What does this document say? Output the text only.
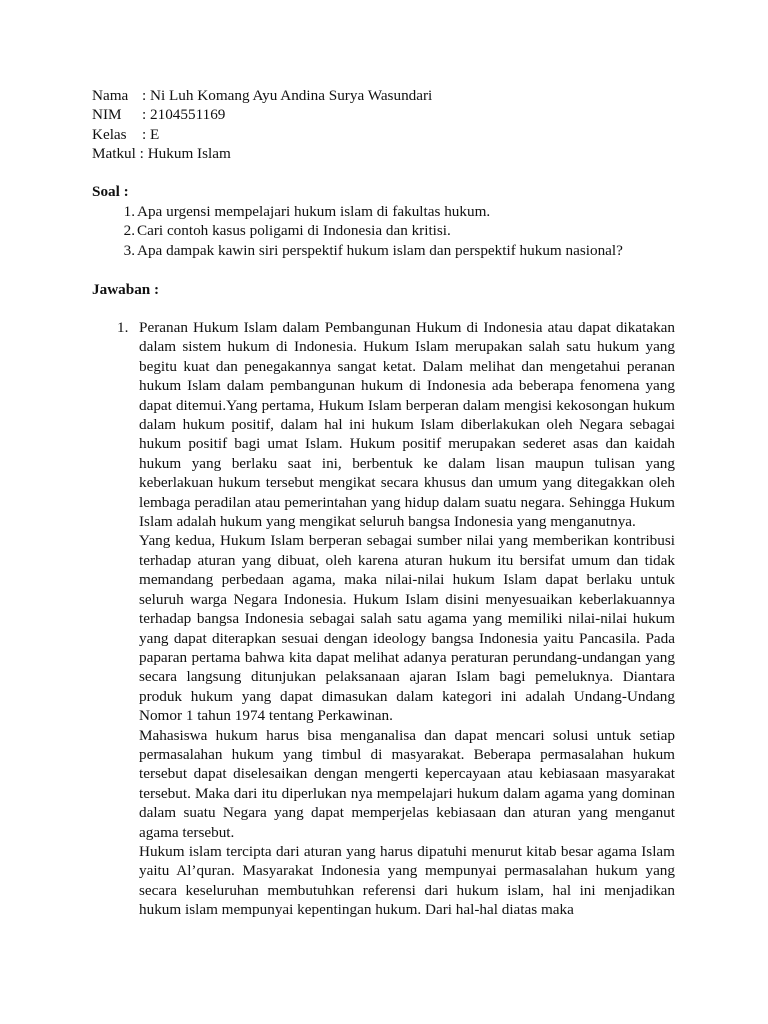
Nama : Ni Luh Komang Ayu Andina Surya Wasundari
NIM	: 2104551169
Kelas	: E
Matkul : Hukum Islam
Soal :
1. Apa urgensi mempelajari hukum islam di fakultas hukum.
2. Cari contoh kasus poligami di Indonesia dan kritisi.
3. Apa dampak kawin siri perspektif hukum islam dan perspektif hukum nasional?
Jawaban :
1. Peranan Hukum Islam dalam Pembangunan Hukum di Indonesia atau dapat dikatakan dalam sistem hukum di Indonesia. Hukum Islam merupakan salah satu hukum yang begitu kuat dan penegakannya sangat ketat. Dalam melihat dan mengetahui peranan hukum Islam dalam pembangunan hukum di Indonesia ada beberapa fenomena yang dapat ditemui.Yang pertama, Hukum Islam berperan dalam mengisi kekosongan hukum dalam hukum positif, dalam hal ini hukum Islam diberlakukan oleh Negara sebagai hukum positif bagi umat Islam. Hukum positif merupakan sederet asas dan kaidah hukum yang berlaku saat ini, berbentuk ke dalam lisan maupun tulisan yang keberlakuan hukum tersebut mengikat secara khusus dan umum yang ditegakkan oleh lembaga peradilan atau pemerintahan yang hidup dalam suatu negara. Sehingga Hukum Islam adalah hukum yang mengikat seluruh bangsa Indonesia yang menganutnya.

Yang kedua, Hukum Islam berperan sebagai sumber nilai yang memberikan kontribusi terhadap aturan yang dibuat, oleh karena aturan hukum itu bersifat umum dan tidak memandang perbedaan agama, maka nilai-nilai hukum Islam dapat berlaku untuk seluruh warga Negara Indonesia. Hukum Islam disini menyesuaikan keberlakuannya terhadap bangsa Indonesia sebagai salah satu agama yang memiliki nilai-nilai hukum yang dapat diterapkan sesuai dengan ideology bangsa Indonesia yaitu Pancasila. Pada paparan pertama bahwa kita dapat melihat adanya peraturan perundang-undangan yang secara langsung ditunjukan pelaksanaan ajaran Islam bagi pemeluknya. Diantara produk hukum yang dapat dimasukan dalam kategori ini adalah Undang-Undang Nomor 1 tahun 1974 tentang Perkawinan.

Mahasiswa hukum harus bisa menganalisa dan dapat mencari solusi untuk setiap permasalahan hukum yang timbul di masyarakat. Beberapa permasalahan hukum tersebut dapat diselesaikan dengan mengerti kepercayaan atau kebiasaan masyarakat tersebut. Maka dari itu diperlukan nya mempelajari hukum dalam agama yang dominan dalam suatu Negara yang dapat memperjelas kebiasaan dan aturan yang menganut agama tersebut.

Hukum islam tercipta dari aturan yang harus dipatuhi menurut kitab besar agama Islam yaitu Al’quran. Masyarakat Indonesia yang mempunyai permasalahan hukum yang secara keseluruhan membutuhkan referensi dari hukum islam, hal ini menjadikan hukum islam mempunyai kepentingan hukum. Dari hal-hal diatas maka
